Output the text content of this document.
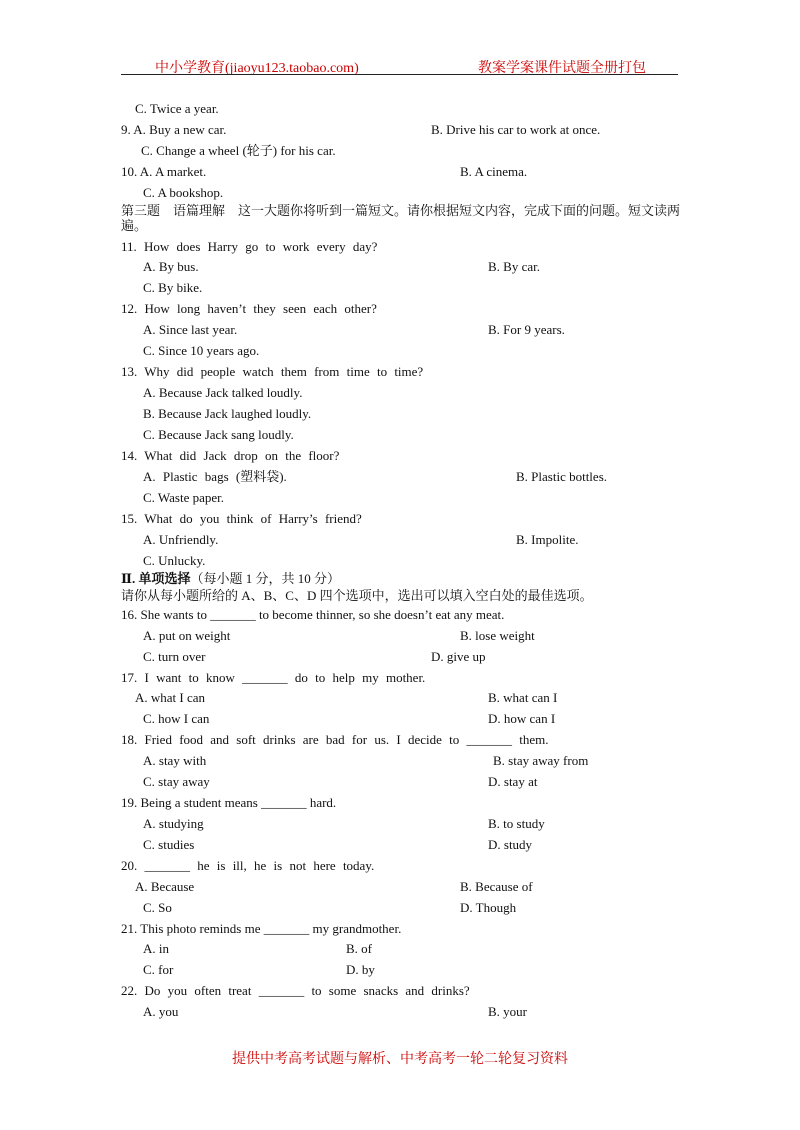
中小学教育(jiaoyu123.taobao.com)	教案学案课件试题全册打包
C. Twice a year.
9. A. Buy a new car.	B. Drive his car to work at once.
C. Change a wheel (轮子) for his car.
10. A. A market.	B. A cinema.
C. A bookshop.
第三题　语篇理解　这一大题你将听到一篇短文。请你根据短文内容，完成下面的问题。短文读两遍。
11. How does Harry go to work every day?
A. By bus.	B. By car.
C. By bike.
12. How long haven’t they seen each other?
A. Since last year.	B. For 9 years.
C. Since 10 years ago.
13. Why did people watch them from time to time?
A. Because Jack talked loudly.
B. Because Jack laughed loudly.
C. Because Jack sang loudly.
14. What did Jack drop on the floor?
A. Plastic bags (塑料袋).	B. Plastic bottles.
C. Waste paper.
15. What do you think of Harry’s friend?
A. Unfriendly.	B. Impolite.
C. Unlucky.
Ⅱ. 单项选择（每小题 1 分，共 10 分）
请你从每小题所给的 A、B、C、D 四个选项中，选出可以填入空白处的最佳选项。
16. She wants to _______ to become thinner, so she doesn’t eat any meat.
A. put on weight	B. lose weight
C. turn over	D. give up
17. I want to know _______ do to help my mother.
A. what I can	B. what can I
C. how I can	D. how can I
18. Fried food and soft drinks are bad for us. I decide to _______ them.
A. stay with	B. stay away from
C. stay away	D. stay at
19. Being a student means _______ hard.
A. studying	B. to study
C. studies	D. study
20. _______ he is ill, he is not here today.
A. Because	B. Because of
C. So	D. Though
21. This photo reminds me _______ my grandmother.
A. in	B. of
C. for	D. by
22. Do you often treat _______ to some snacks and drinks?
A. you	B. your
提供中考高考试题与解析、中考高考一轮二轮复习资料
